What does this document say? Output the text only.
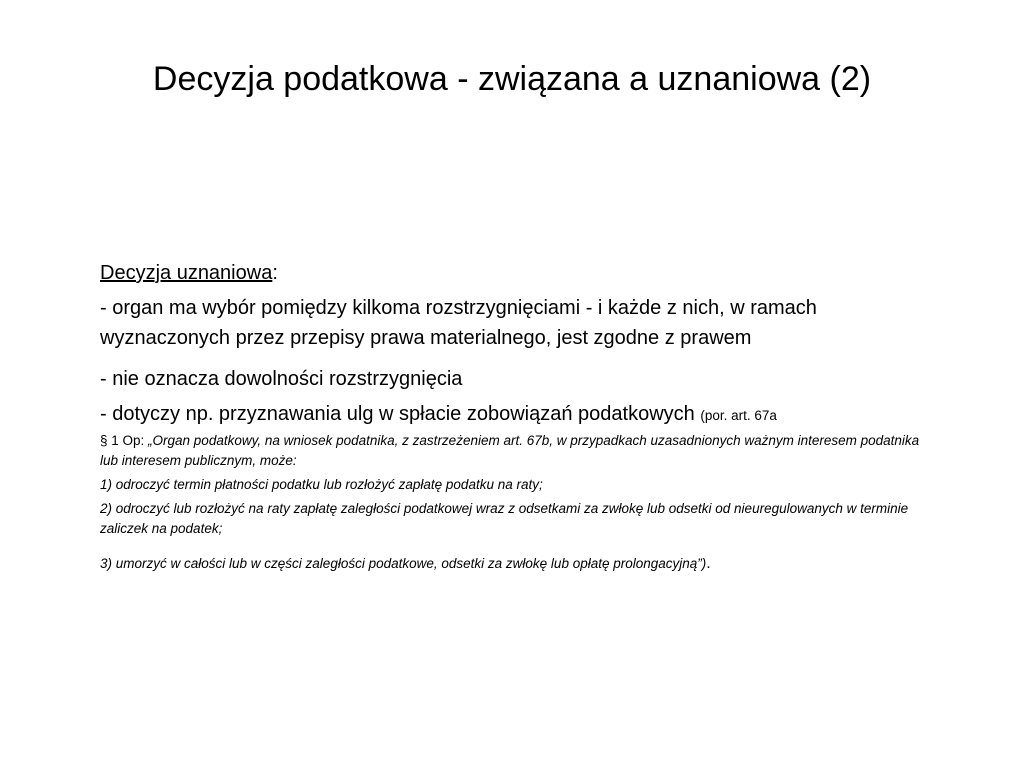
Decyzja podatkowa - związana a uznaniowa (2)

Decyzja uznaniowa:

- organ ma wybór pomiędzy kilkoma rozstrzygnięciami - i każde z nich, w ramach wyznaczonych przez przepisy prawa materialnego, jest zgodne z prawem

- nie oznacza dowolności rozstrzygnięcia

- dotyczy np. przyznawania ulg w spłacie zobowiązań podatkowych (por. art. 67a

§ 1 Op: „Organ podatkowy, na wniosek podatnika, z zastrzeżeniem art. 67b, w przypadkach uzasadnionych ważnym interesem podatnika lub interesem publicznym, może:

1) odroczyć termin płatności podatku lub rozłożyć zapłatę podatku na raty;

2) odroczyć lub rozłożyć na raty zapłatę zaległości podatkowej wraz z odsetkami za zwłokę lub odsetki od nieuregulowanych w terminie zaliczek na podatek;

3) umorzyć w całości lub w części zaległości podatkowe, odsetki za zwłokę lub opłatę prolongacyjną”).
